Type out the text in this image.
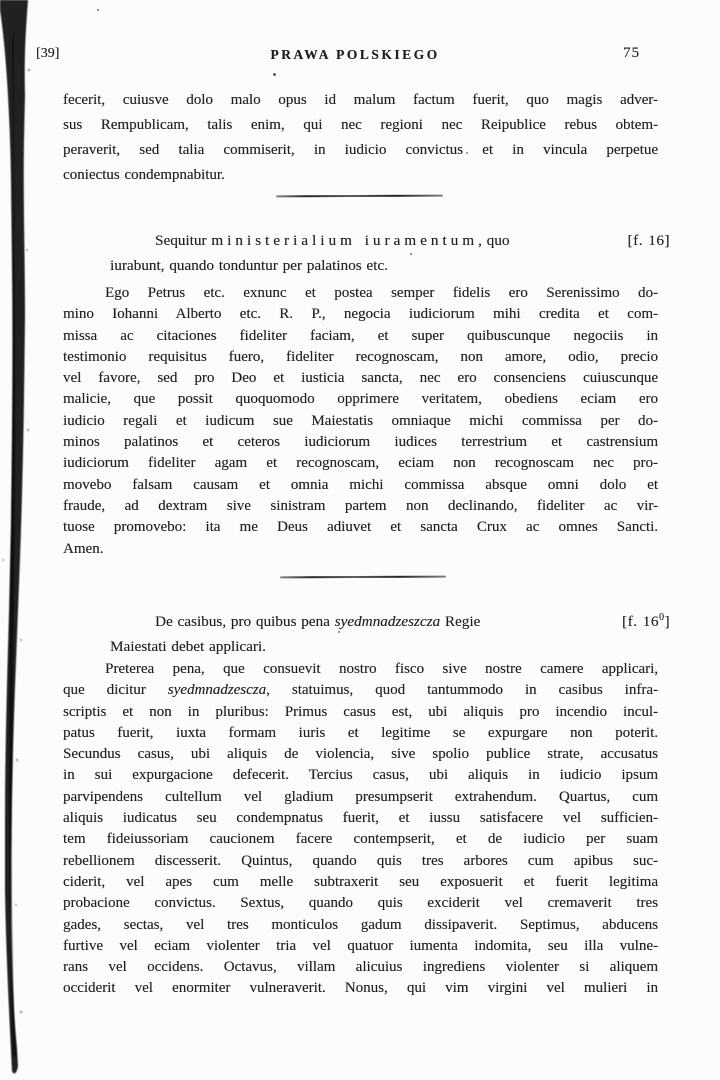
[39]	PRAWA POLSKIEGO	75
fecerit, cuiusve dolo malo opus id malum factum fuerit, quo magis adver-
sus Rempublicam, talis enim, qui nec regioni nec Reipublice rebus obtem-
peraverit, sed talia commiserit, in iudicio convictus et in vincula perpetue
coniectus condempnabitur.
Sequitur ministerialium iuramentum, quo	[f. 16]
iurabunt, quando tonduntur per palatinos etc.
Ego Petrus etc. exnunc et postea semper fidelis ero Serenissimo do-
mino Iohanni Alberto etc. R. P., negocia iudiciorum mihi credita et com-
missa ac citaciones fideliter faciam, et super quibuscunque negociis in
testimonio requisitus fuero, fideliter recognoscam, non amore, odio, precio
vel favore, sed pro Deo et iusticia sancta, nec ero consenciens cuiuscunque
malicie, que possit quoquomodo opprimere veritatem, obediens eciam ero
iudicio regali et iudicum sue Maiestatis omniaque michi commissa per do-
minos palatinos et ceteros iudiciorum iudices terrestrium et castrensium
iudiciorum fideliter agam et recognoscam, eciam non recognoscam nec pro-
movebo falsam causam et omnia michi commissa absque omni dolo et
fraude, ad dextram sive sinistram partem non declinando, fideliter ac vir-
tuose promovebo: ita me Deus adiuvet et sancta Crux ac omnes Sancti.
Amen.
De casibus, pro quibus pena syedmnadzeszcza Regie	[f. $16^0$]
Maiestati debet applicari.
Preterea pena, que consuevit nostro fisco sive nostre camere applicari,
que dicitur syedmnadzescza, statuimus, quod tantummodo in casibus infra-
scriptis et non in pluribus: Primus casus est, ubi aliquis pro incendio incul-
patus fuerit, iuxta formam iuris et legitime se expurgare non poterit.
Secundus casus, ubi aliquis de violencia, sive spolio publice strate, accusatus
in sui expurgacione defecerit. Tercius casus, ubi aliquis in iudicio ipsum
parvipendens cultellum vel gladium presumpserit extrahendum. Quartus, cum
aliquis iudicatus seu condempnatus fuerit, et iussu satisfacere vel sufficien-
tem fideiussoriam caucionem facere contempserit, et de iudicio per suam
rebellionem discesserit. Quintus, quando quis tres arbores cum apibus suc-
ciderit, vel apes cum melle subtraxerit seu exposuerit et fuerit legitima
probacione convictus. Sextus, quando quis exciderit vel cremaverit tres
gades, sectas, vel tres monticulos gadum dissipaverit. Septimus, abducens
furtive vel eciam violenter tria vel quatuor iumenta indomita, seu illa vulne-
rans vel occidens. Octavus, villam alicuius ingrediens violenter si aliquem
occiderit vel enormiter vulneraverit. Nonus, qui vim virgini vel mulieri in
